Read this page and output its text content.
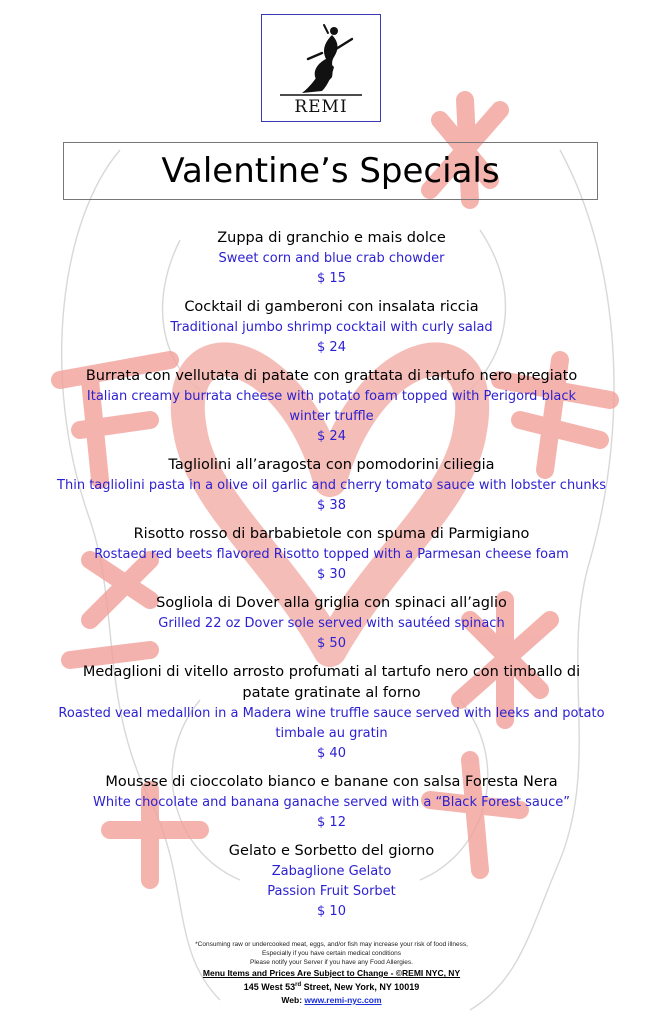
REMI
Valentine’s Specials
Zuppa di granchio e mais dolce
Sweet corn and blue crab chowder
$ 15
Cocktail di gamberoni con insalata riccia
Traditional jumbo shrimp cocktail with curly salad
$ 24
Burrata con vellutata di patate con grattata di tartufo nero pregiato
Italian creamy burrata cheese with potato foam topped with Perigord black winter truffle
$ 24
Tagliolini all’aragosta con pomodorini ciliegia
Thin tagliolini pasta in a olive oil garlic and cherry tomato sauce with lobster chunks
$ 38
Risotto rosso di barbabietole con spuma di Parmigiano
Rostaed red beets flavored Risotto topped with a Parmesan cheese foam
$ 30
Sogliola di Dover alla griglia con spinaci all’aglio
Grilled 22 oz Dover sole served with sautéed spinach
$ 50
Medaglioni di vitello arrosto profumati al tartufo nero con timballo di patate gratinate al forno
Roasted veal medallion in a Madera wine truffle sauce served with leeks and potato timbale au gratin
$ 40
Moussse di cioccolato bianco e banane con salsa Foresta Nera
White chocolate and banana ganache served with a “Black Forest sauce”
$ 12
Gelato e Sorbetto del giorno
Zabaglione Gelato
Passion Fruit Sorbet
$ 10
*Consuming raw or undercooked meat, eggs, and/or fish may increase your risk of food illness,
Especially if you have certain medical conditions
Please notify your Server if you have any Food Allergies.
Menu Items and Prices Are Subject to Change - ©REMI NYC, NY
145 West 53rd Street, New York, NY 10019
Web: www.remi-nyc.com
